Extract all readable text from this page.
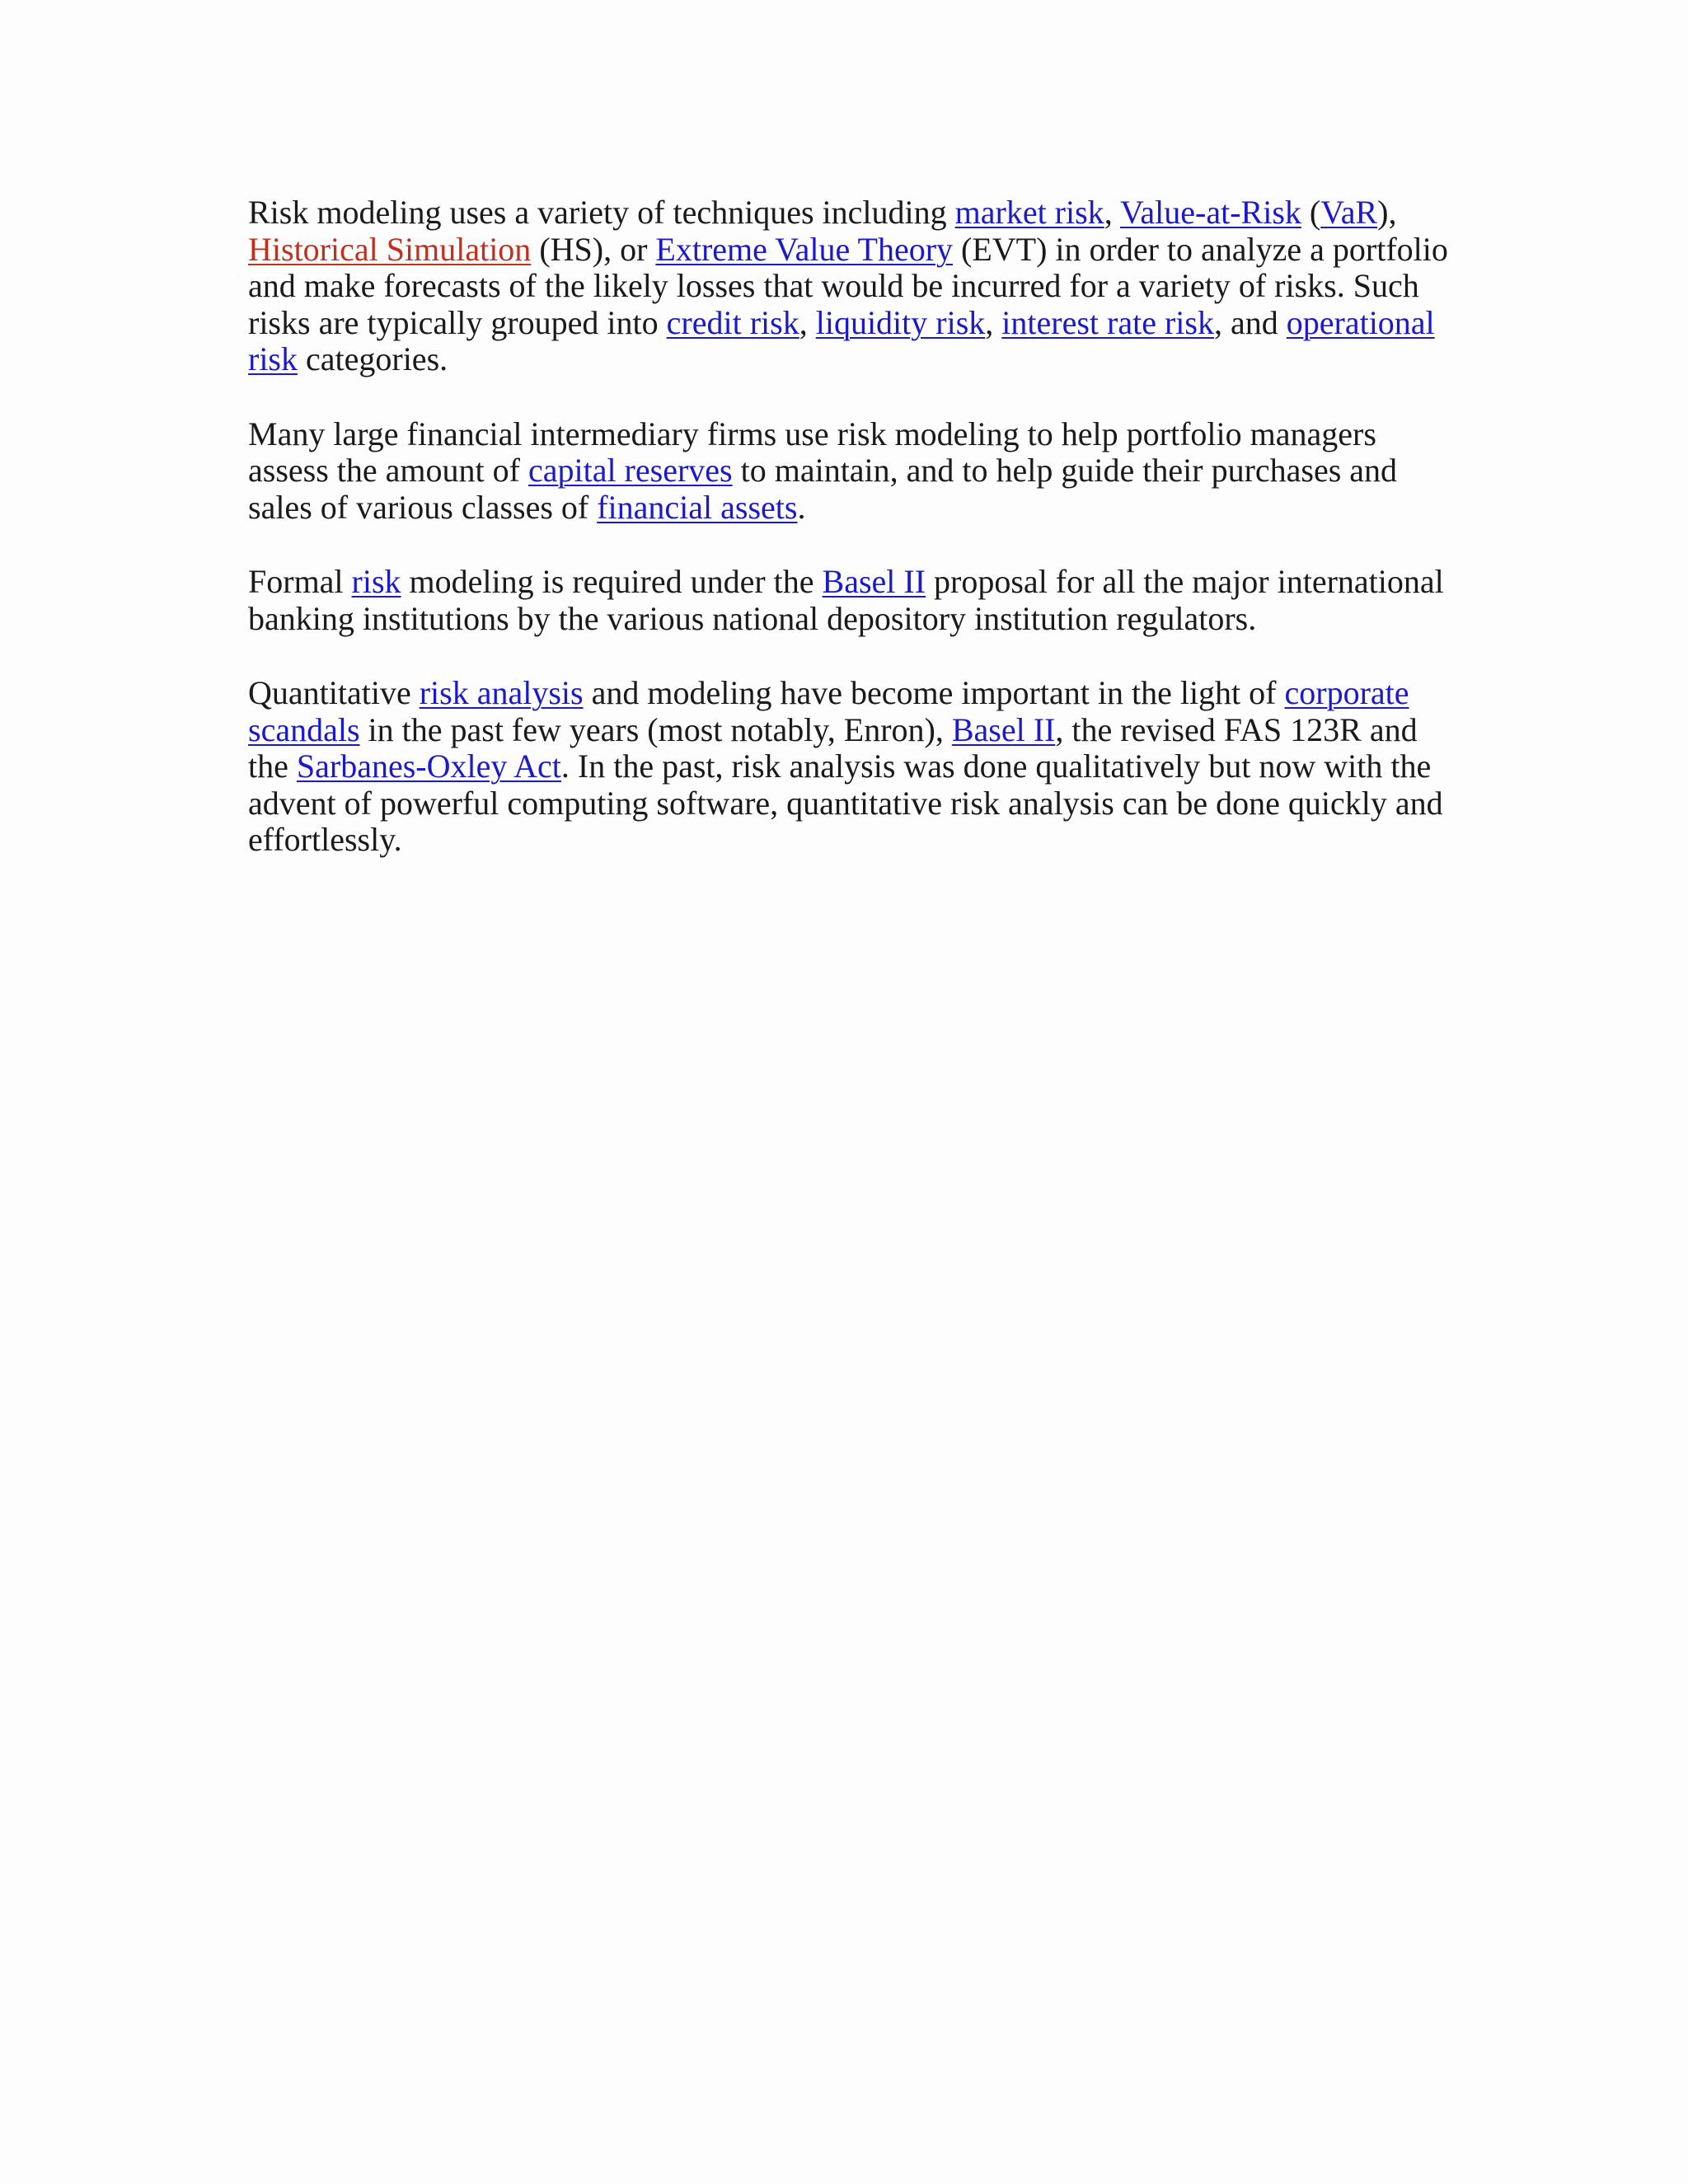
Risk modeling uses a variety of techniques including market risk, Value-at-Risk (VaR), Historical Simulation (HS), or Extreme Value Theory (EVT) in order to analyze a portfolio and make forecasts of the likely losses that would be incurred for a variety of risks. Such risks are typically grouped into credit risk, liquidity risk, interest rate risk, and operational risk categories.

Many large financial intermediary firms use risk modeling to help portfolio managers assess the amount of capital reserves to maintain, and to help guide their purchases and sales of various classes of financial assets.

Formal risk modeling is required under the Basel II proposal for all the major international banking institutions by the various national depository institution regulators.

Quantitative risk analysis and modeling have become important in the light of corporate scandals in the past few years (most notably, Enron), Basel II, the revised FAS 123R and the Sarbanes-Oxley Act. In the past, risk analysis was done qualitatively but now with the advent of powerful computing software, quantitative risk analysis can be done quickly and effortlessly.
